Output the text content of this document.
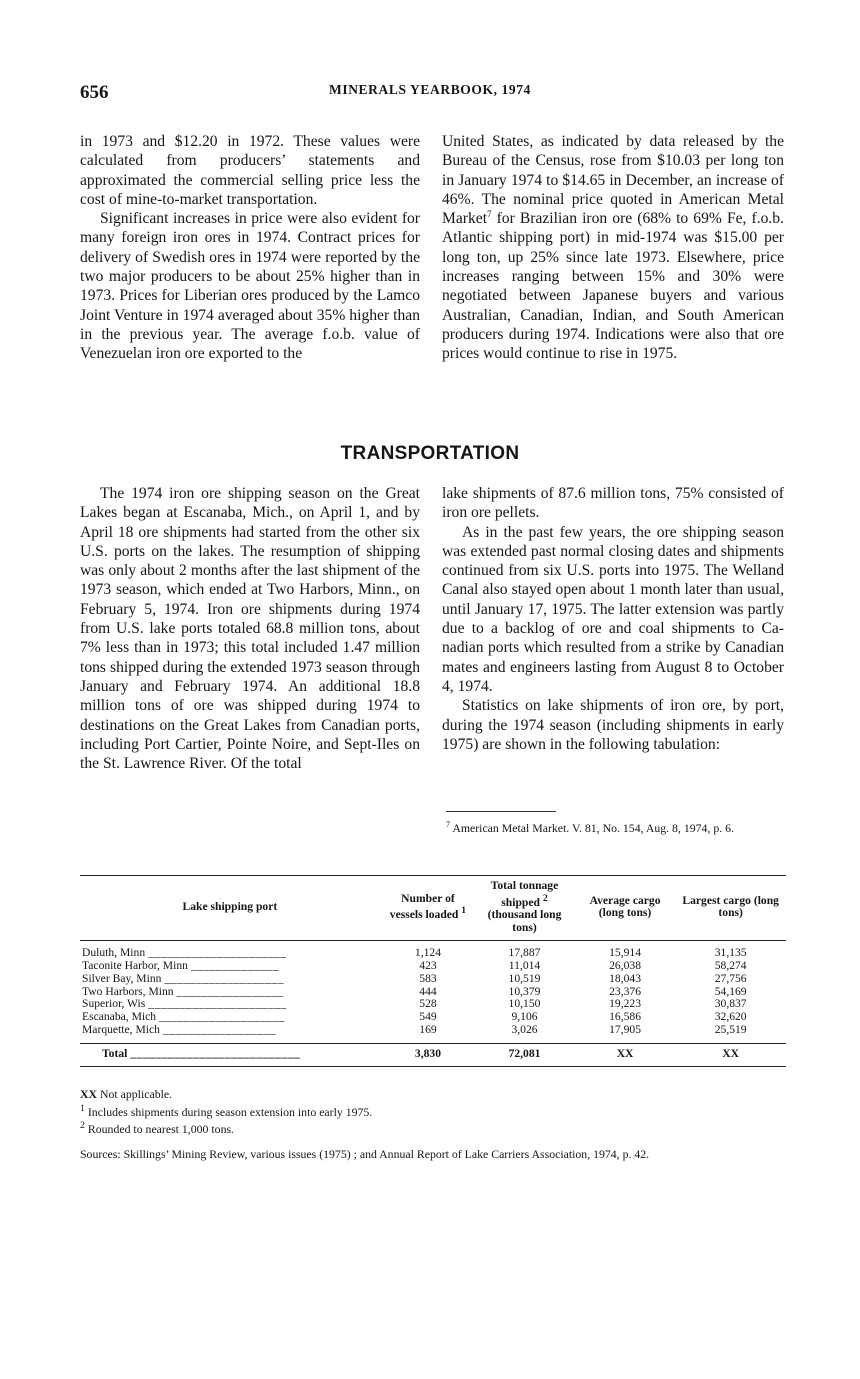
656	MINERALS YEARBOOK, 1974

in 1973 and $12.20 in 1972. These values were calculated from producers’ statements and approximated the commercial selling price less the cost of mine-to-market transportation.

Significant increases in price were also evident for many foreign iron ores in 1974. Contract prices for delivery of Swedish ores in 1974 were reported by the two major producers to be about 25% higher than in 1973. Prices for Liberian ores produced by the Lamco Joint Venture in 1974 averaged about 35% higher than in the previous year. The average f.o.b. value of Venezuelan iron ore exported to the

United States, as indicated by data released by the Bureau of the Census, rose from $10.03 per long ton in January 1974 to $14.65 in December, an increase of 46%. The nominal price quoted in American Metal Market$^7$ for Brazilian iron ore (68% to 69% Fe, f.o.b. Atlantic shipping port) in mid-1974 was $15.00 per long ton, up 25% since late 1973. Elsewhere, price increases ranging between 15% and 30% were negotiated between Japanese buyers and various Australian, Canadian, Indian, and South American producers during 1974. Indications were also that ore prices would continue to rise in 1975.

TRANSPORTATION

The 1974 iron ore shipping season on the Great Lakes began at Escanaba, Mich., on April 1, and by April 18 ore shipments had started from the other six U.S. ports on the lakes. The resumption of shipping was only about 2 months after the last shipment of the 1973 season, which ended at Two Harbors, Minn., on February 5, 1974. Iron ore shipments during 1974 from U.S. lake ports totaled 68.8 million tons, about 7% less than in 1973; this total included 1.47 million tons shipped during the extended 1973 season through January and February 1974. An additional 18.8 million tons of ore was shipped during 1974 to destinations on the Great Lakes from Canadian ports, including Port Cartier, Pointe Noire, and Sept-Iles on the St. Lawrence River. Of the total

lake shipments of 87.6 million tons, 75% consisted of iron ore pellets.

As in the past few years, the ore shipping season was extended past normal closing dates and shipments continued from six U.S. ports into 1975. The Welland Canal also stayed open about 1 month later than usual, until January 17, 1975. The latter extension was partly due to a backlog of ore and coal shipments to Canadian ports which resulted from a strike by Canadian mates and engineers lasting from August 8 to October 4, 1974.

Statistics on lake shipments of iron ore, by port, during the 1974 season (including shipments in early 1975) are shown in the following tabulation:

$^7$ American Metal Market. V. 81, No. 154, Aug. 8, 1974, p. 6.
Lake shipping port	Number of vessels loaded $^1$	Total tonnage shipped $^2$ (thousand long tons)	Average cargo (long tons)	Largest cargo (long tons)
Duluth, Minn ______________________	1,124	17,887	15,914	31,135
Taconite Harbor, Minn ______________	423	11,014	26,038	58,274
Silver Bay, Minn ___________________	583	10,519	18,043	27,756
Two Harbors, Minn _________________	444	10,379	23,376	54,169
Superior, Wis ______________________	528	10,150	19,223	30,837
Escanaba, Mich ____________________	549	9,106	16,586	32,620
Marquette, Mich __________________	169	3,026	17,905	25,519
Total ___________________________	3,830	72,081	XX	XX
XX Not applicable.
$^1$ Includes shipments during season extension into early 1975.
$^2$ Rounded to nearest 1,000 tons.
Sources: Skillings’ Mining Review, various issues (1975) ; and Annual Report of Lake Carriers Association, 1974, p. 42.
